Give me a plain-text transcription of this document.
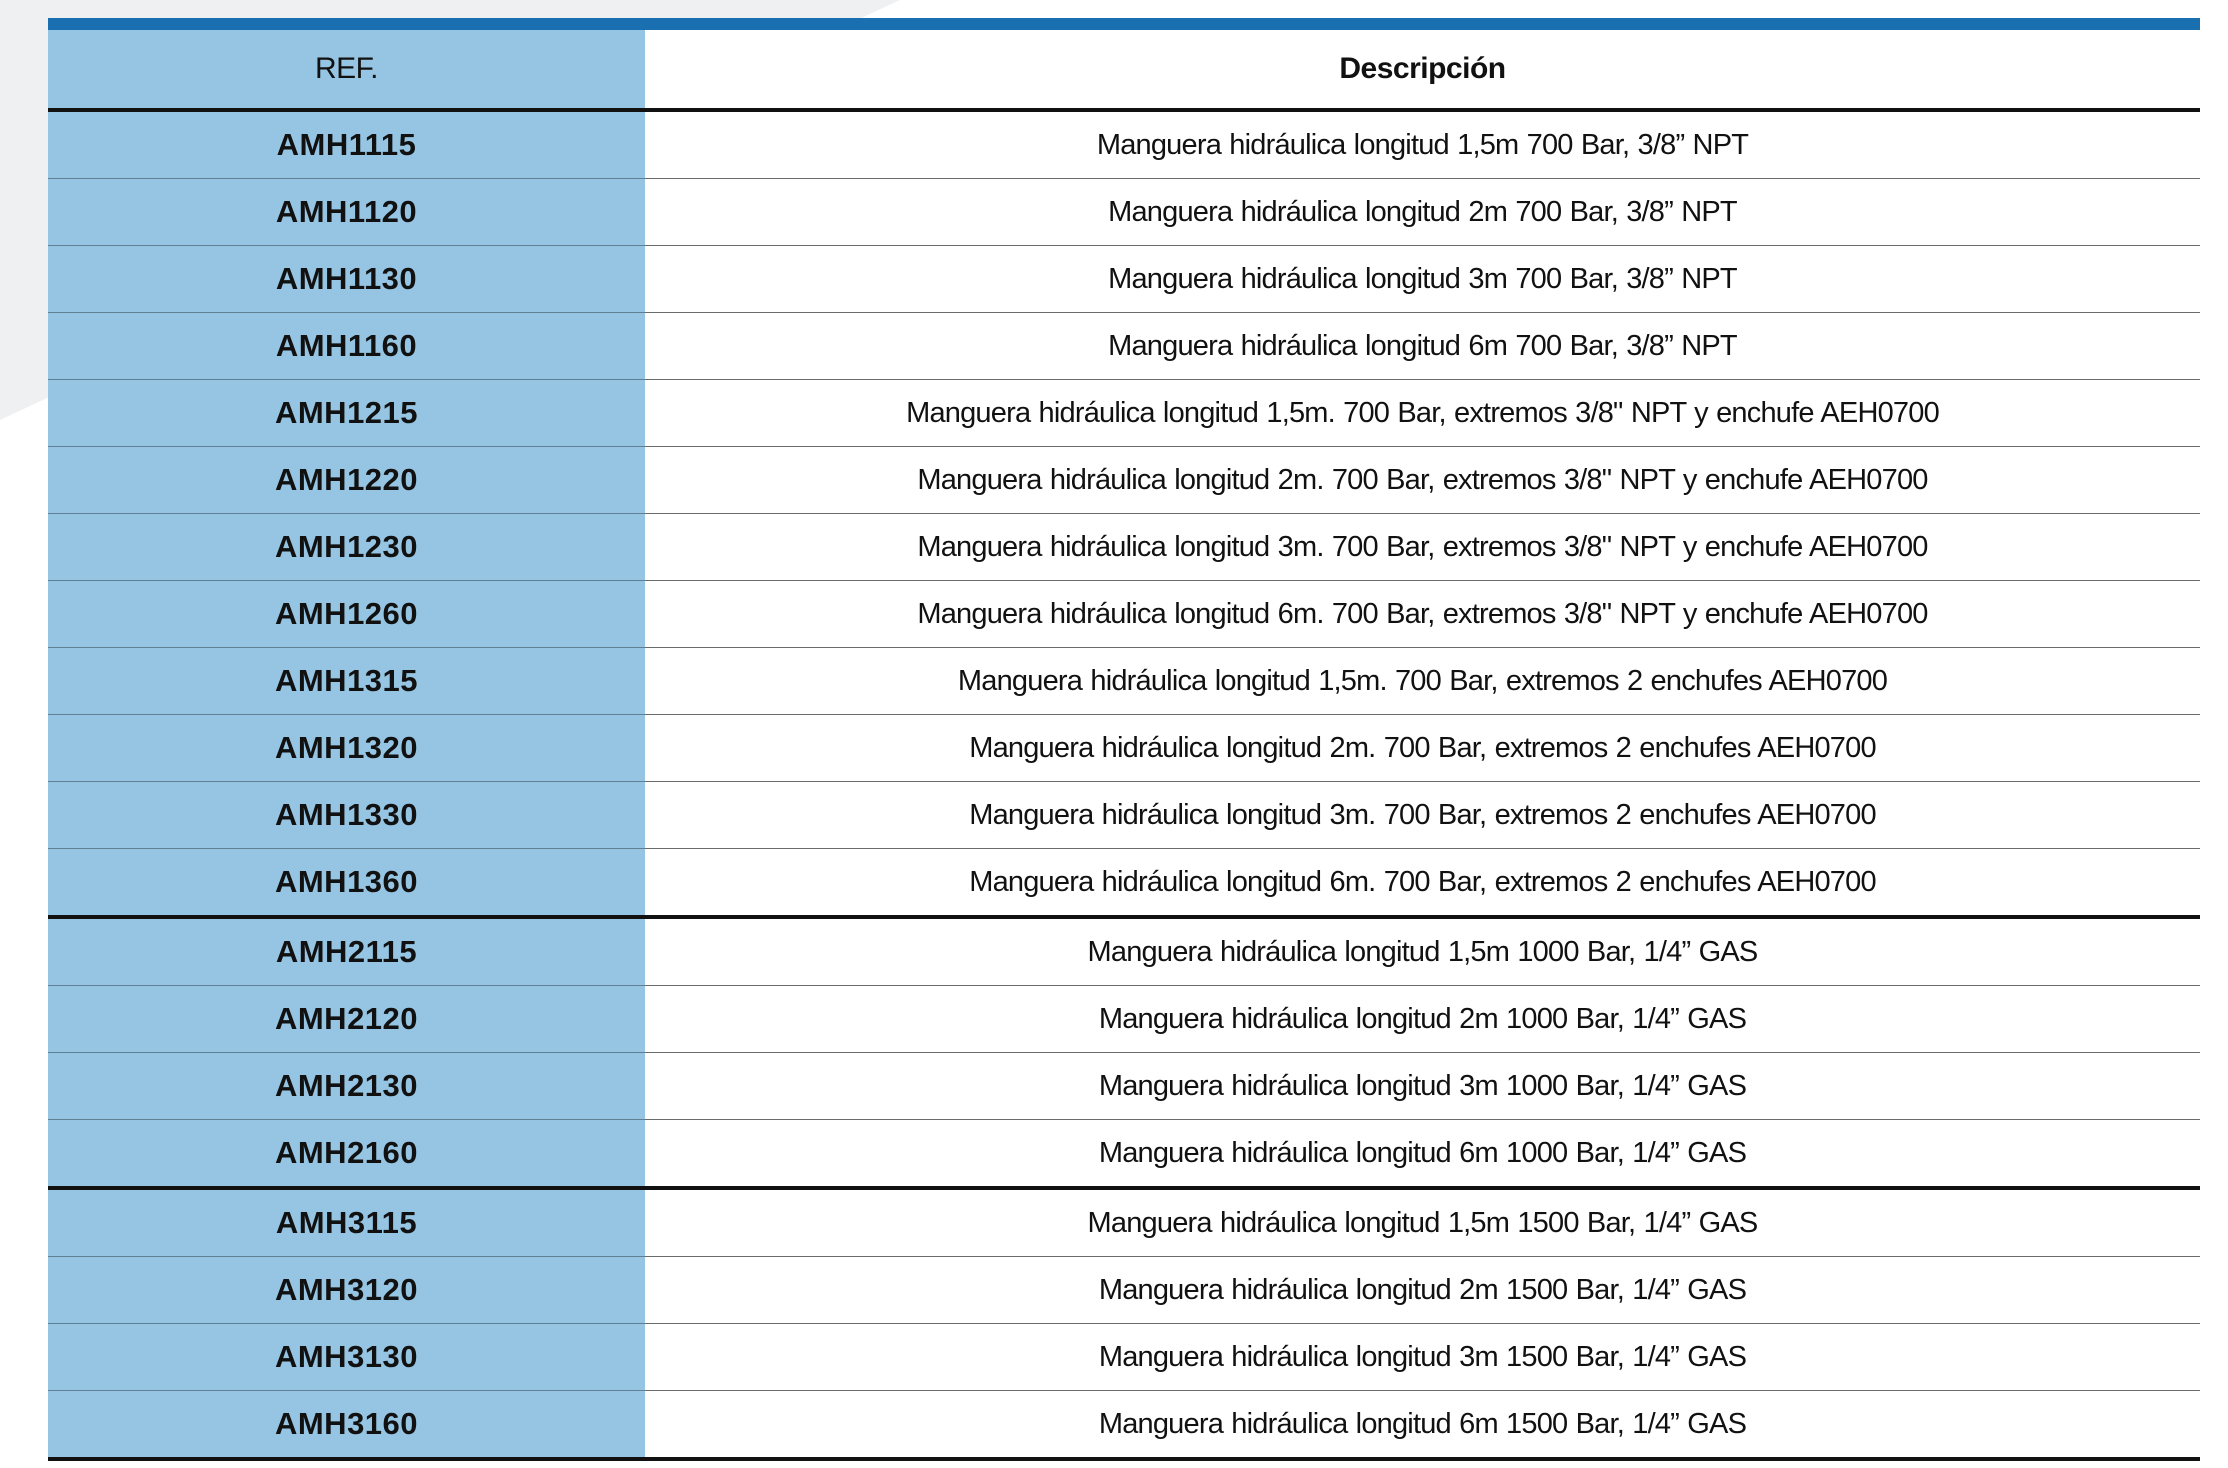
REF.	Descripción
AMH1115	Manguera hidráulica longitud 1,5m 700 Bar, 3/8” NPT
AMH1120	Manguera hidráulica longitud 2m 700 Bar, 3/8” NPT
AMH1130	Manguera hidráulica longitud 3m 700 Bar, 3/8” NPT
AMH1160	Manguera hidráulica longitud 6m 700 Bar, 3/8” NPT
AMH1215	Manguera hidráulica longitud 1,5m. 700 Bar, extremos 3/8" NPT y enchufe AEH0700
AMH1220	Manguera hidráulica longitud 2m. 700 Bar, extremos 3/8" NPT y enchufe AEH0700
AMH1230	Manguera hidráulica longitud 3m. 700 Bar, extremos 3/8" NPT y enchufe AEH0700
AMH1260	Manguera hidráulica longitud 6m. 700 Bar, extremos 3/8" NPT y enchufe AEH0700
AMH1315	Manguera hidráulica longitud 1,5m. 700 Bar, extremos 2 enchufes AEH0700
AMH1320	Manguera hidráulica longitud 2m. 700 Bar, extremos 2 enchufes AEH0700
AMH1330	Manguera hidráulica longitud 3m. 700 Bar, extremos 2 enchufes AEH0700
AMH1360	Manguera hidráulica longitud 6m. 700 Bar, extremos 2 enchufes AEH0700
AMH2115	Manguera hidráulica longitud 1,5m 1000 Bar, 1/4” GAS
AMH2120	Manguera hidráulica longitud 2m 1000 Bar, 1/4” GAS
AMH2130	Manguera hidráulica longitud 3m 1000 Bar, 1/4” GAS
AMH2160	Manguera hidráulica longitud 6m 1000 Bar, 1/4” GAS
AMH3115	Manguera hidráulica longitud 1,5m 1500 Bar, 1/4” GAS
AMH3120	Manguera hidráulica longitud 2m 1500 Bar, 1/4” GAS
AMH3130	Manguera hidráulica longitud 3m 1500 Bar, 1/4” GAS
AMH3160	Manguera hidráulica longitud 6m 1500 Bar, 1/4” GAS
